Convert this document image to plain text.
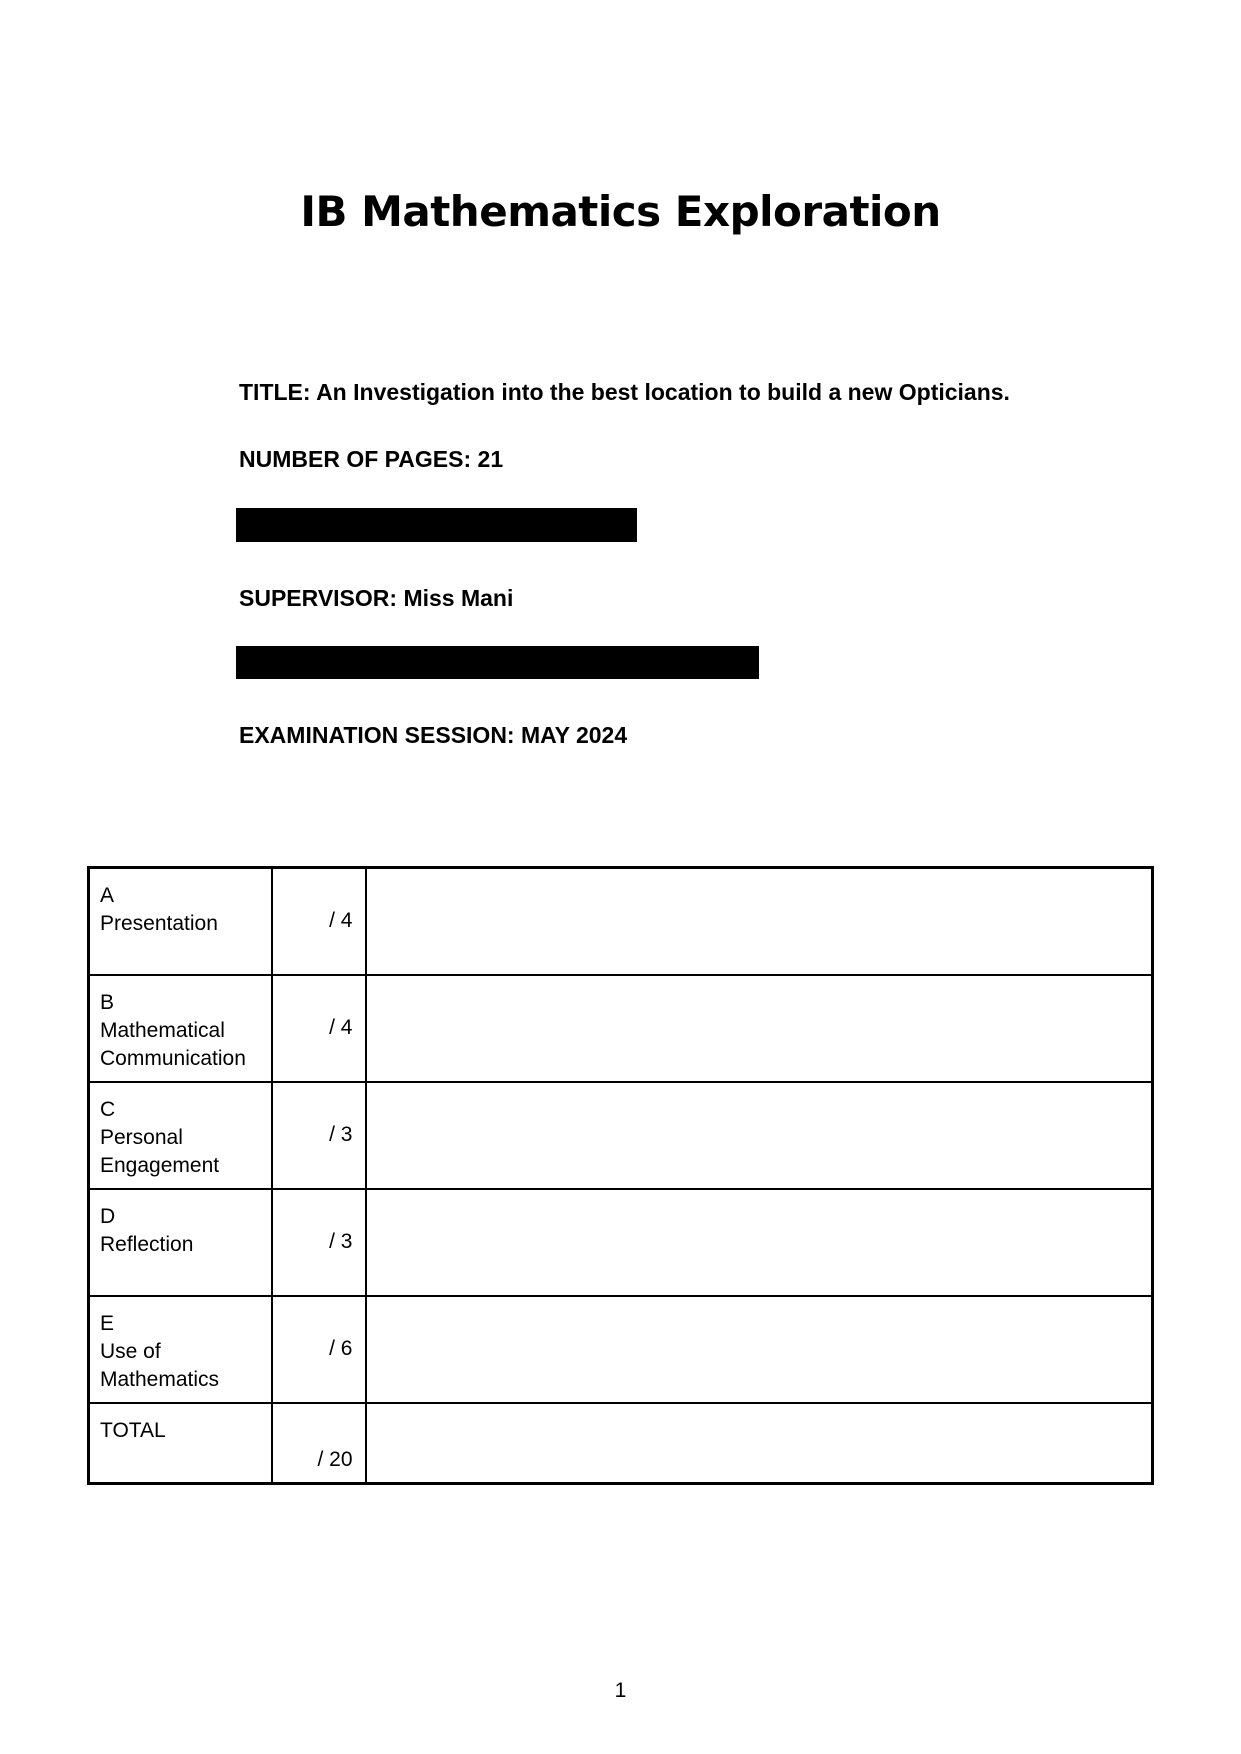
IB Mathematics Exploration

TITLE: An Investigation into the best location to build a new Opticians.

NUMBER OF PAGES: 21

SUPERVISOR: Miss Mani

EXAMINATION SESSION: MAY 2024

A
Presentation	/ 4	

B
Mathematical Communication	/ 4	

C
Personal Engagement	/ 3	

D
Reflection	/ 3	

E
Use of Mathematics	/ 6	
TOTAL	/ 20	

1
